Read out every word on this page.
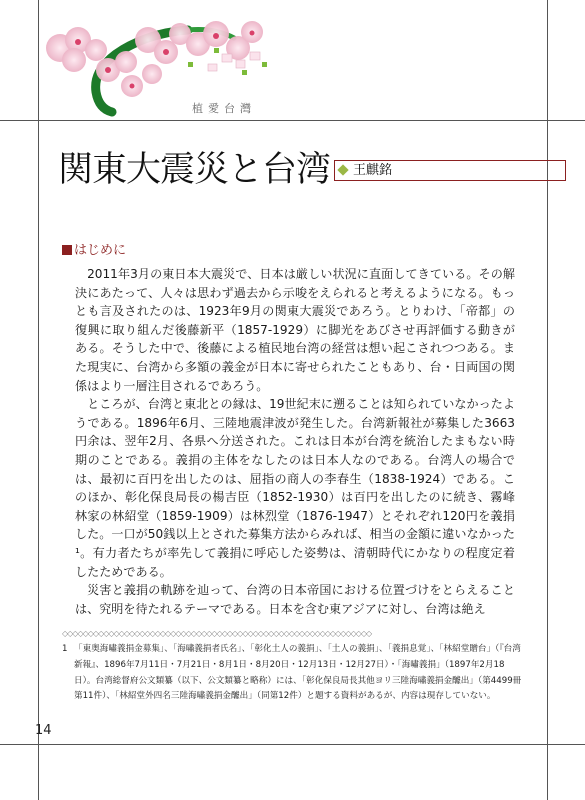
植愛台灣
関東大震災と台湾 王麒銘
はじめに

2011年3月の東日本大震災で、日本は厳しい状況に直面してきている。その解決にあたって、人々は思わず過去から示唆をえられると考えるようになる。もっとも言及されたのは、1923年9月の関東大震災であろう。とりわけ、「帝都」の復興に取り組んだ後藤新平（1857-1929）に脚光をあびさせ再評価する動きがある。そうした中で、後藤による植民地台湾の経営は想い起こされつつある。また現実に、台湾から多額の義金が日本に寄せられたこともあり、台・日両国の関係はより一層注目されるであろう。

ところが、台湾と東北との縁は、19世紀末に遡ることは知られていなかったようである。1896年6月、三陸地震津波が発生した。台湾新報社が募集した3663円余は、翌年2月、各県へ分送された。これは日本が台湾を統治したまもない時期のことである。義捐の主体をなしたのは日本人なのである。台湾人の場合では、最初に百円を出したのは、屈指の商人の李春生（1838-1924）である。このほか、彰化保良局長の楊吉臣（1852-1930）は百円を出したのに続き、霧峰林家の林紹堂（1859-1909）は林烈堂（1876-1947）とそれぞれ120円を義捐した。一口が50銭以上とされた募集方法からみれば、相当の金額に違いなかった¹。有力者たちが率先して義捐に呼応した姿勢は、清朝時代にかなりの程度定着したためである。

災害と義捐の軌跡を辿って、台湾の日本帝国における位置づけをとらえることは、究明を待たれるテーマである。日本を含む東アジアに対し、台湾は絶え

◇◇◇◇◇◇◇◇◇◇◇◇◇◇◇◇◇◇◇◇◇◇◇◇◇◇◇◇◇◇◇◇◇◇◇◇◇◇◇◇◇◇◇◇◇◇◇◇◇◇◇◇◇◇◇◇◇◇◇◇
1 「東奥海嘯義捐金募集」、「海嘯義捐者氏名」、「彰化土人の義捐」、「土人の義捐」、「義捐息覚」、「林紹堂贈台」（『台湾新報』、1896年7月11日・7月21日・8月1日・8月20日・12月13日・12月27日）・「海嘯義捐」（1897年2月18日）。台湾総督府公文類纂（以下、公文類纂と略称）には、「彰化保良局長其他ヨリ三陸海嘯義捐金醵出」（第4499冊第11件）、「林紹堂外四名三陸海嘯義捐金醵出」（同第12件）と題する資料があるが、内容は現存していない。
14
